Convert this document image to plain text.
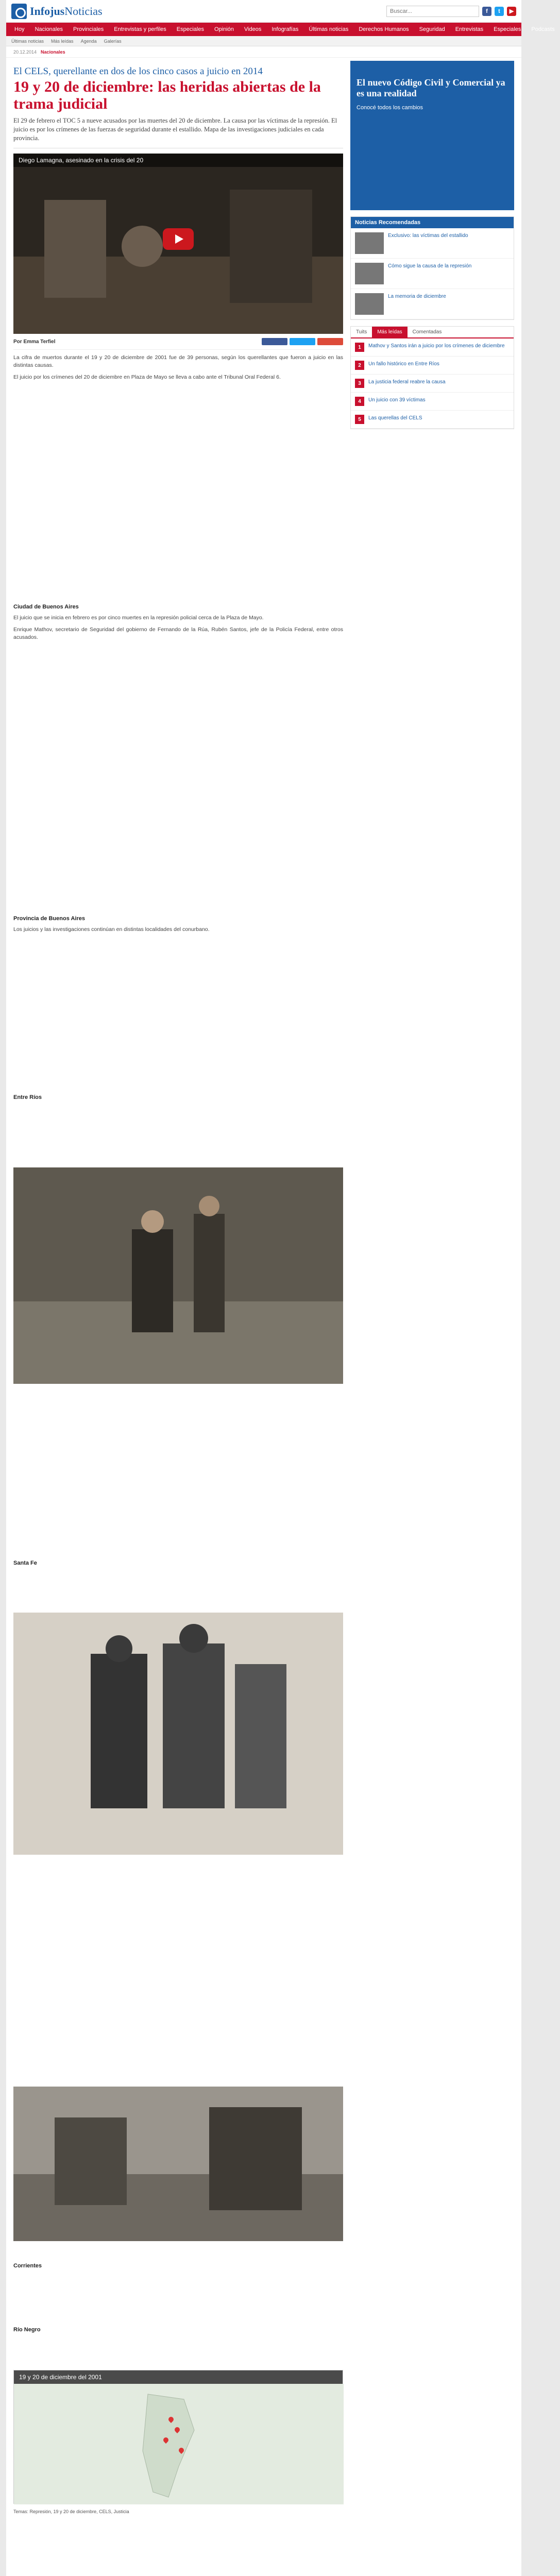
InfojusNoticias
Buscar...	f	t	▶
Hoy	Nacionales	Provinciales	Entrevistas y perfiles	Especiales	Opinión	Videos	Infografías	Últimas noticias	Derechos Humanos	Seguridad	Entrevistas	Especiales	Podcasts
Últimas noticias Más leídas Agenda Galerías
20.12.2014 Nacionales
El CELS, querellante en dos de los cinco casos a juicio en 2014
19 y 20 de diciembre: las heridas abiertas de la trama judicial
El 29 de febrero el TOC 5 a nueve acusados por las muertes del 20 de diciembre. La causa por las víctimas de la represión. El juicio es por los crímenes de las fuerzas de seguridad durante el estallido. Mapa de las investigaciones judiciales en cada provincia.
Diego Lamagna, asesinado en la crisis del 20
Por Emma Terfiel

La cifra de muertos durante el 19 y 20 de diciembre de 2001 fue de 39 personas, según los querellantes que fueron a juicio en las distintas causas.

El juicio por los crímenes del 20 de diciembre en Plaza de Mayo se lleva a cabo ante el Tribunal Oral Federal 6.

Ciudad de Buenos Aires

El juicio que se inicia en febrero es por cinco muertes en la represión policial cerca de la Plaza de Mayo.

Enrique Mathov, secretario de Seguridad del gobierno de Fernando de la Rúa, Rubén Santos, jefe de la Policía Federal, entre otros acusados.

Provincia de Buenos Aires

Los juicios y las investigaciones continúan en distintas localidades del conurbano.

Entre Ríos
Santa Fe
Corrientes
Río Negro
19 y 20 de diciembre del 2001
Temas: Represión, 19 y 20 de diciembre, CELS, Justicia
El nuevo Código Civil y Comercial ya es una realidad
Conocé todos los cambios
Noticias Recomendadas
Exclusivo: las víctimas del estallido
Cómo sigue la causa de la represión
La memoria de diciembre
Tuits	Más leídas	Comentadas
1	Mathov y Santos irán a juicio por los crímenes de diciembre
2	Un fallo histórico en Entre Ríos
3	La justicia federal reabre la causa
4	Un juicio con 39 víctimas
5	Las querellas del CELS
